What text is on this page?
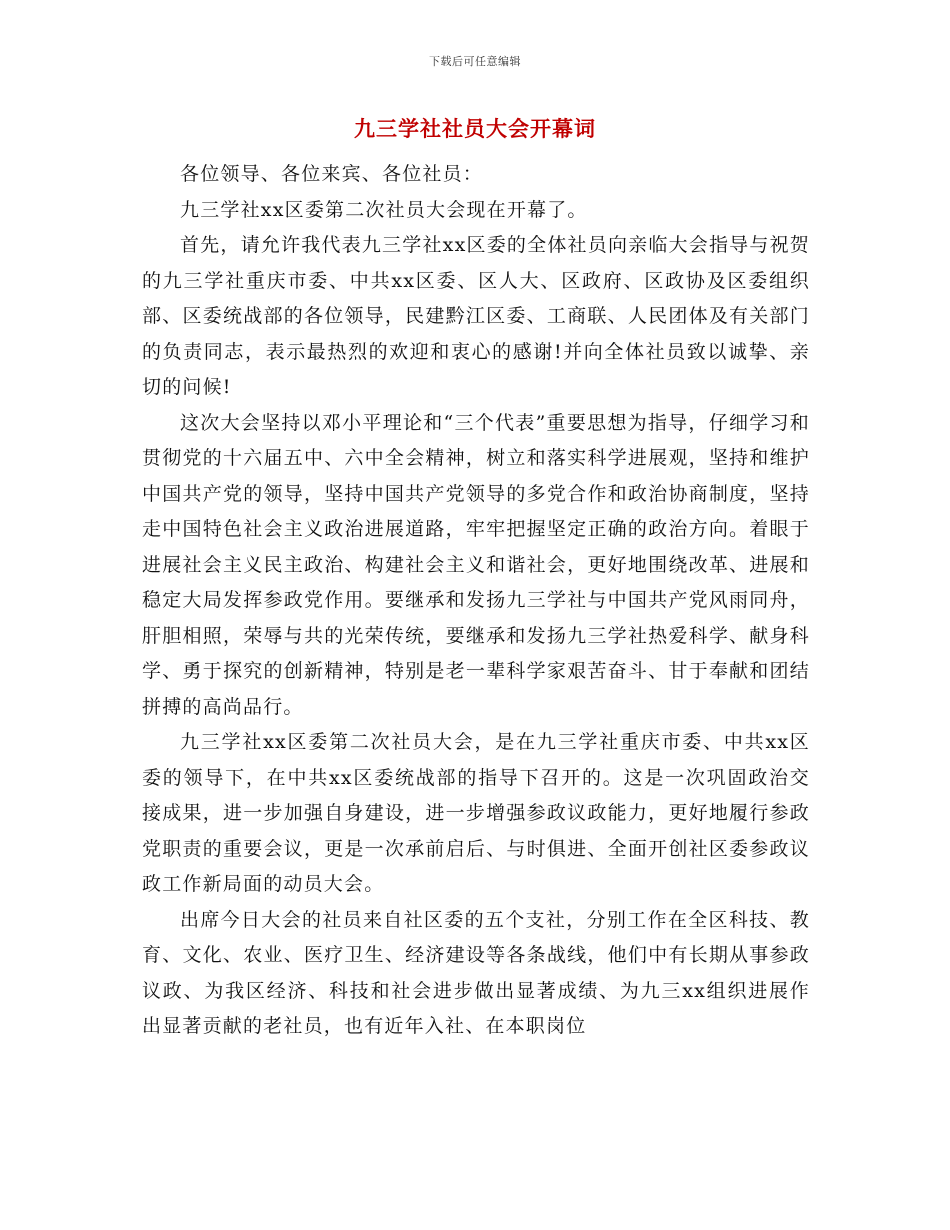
下载后可任意编辑
九三学社社员大会开幕词

各位领导、各位来宾、各位社员：

九三学社xx区委第二次社员大会现在开幕了。

首先，请允许我代表九三学社xx区委的全体社员向亲临大会指导与祝贺的九三学社重庆市委、中共xx区委、区人大、区政府、区政协及区委组织部、区委统战部的各位领导，民建黔江区委、工商联、人民团体及有关部门的负责同志，表示最热烈的欢迎和衷心的感谢!并向全体社员致以诚挚、亲切的问候!

这次大会坚持以邓小平理论和“三个代表”重要思想为指导，仔细学习和贯彻党的十六届五中、六中全会精神，树立和落实科学进展观，坚持和维护中国共产党的领导，坚持中国共产党领导的多党合作和政治协商制度，坚持走中国特色社会主义政治进展道路，牢牢把握坚定正确的政治方向。着眼于进展社会主义民主政治、构建社会主义和谐社会，更好地围绕改革、进展和稳定大局发挥参政党作用。要继承和发扬九三学社与中国共产党风雨同舟，肝胆相照，荣辱与共的光荣传统，要继承和发扬九三学社热爱科学、献身科学、勇于探究的创新精神，特别是老一辈科学家艰苦奋斗、甘于奉献和团结拼搏的高尚品行。

九三学社xx区委第二次社员大会，是在九三学社重庆市委、中共xx区委的领导下，在中共xx区委统战部的指导下召开的。这是一次巩固政治交接成果，进一步加强自身建设，进一步增强参政议政能力，更好地履行参政党职责的重要会议，更是一次承前启后、与时俱进、全面开创社区委参政议政工作新局面的动员大会。

出席今日大会的社员来自社区委的五个支社，分别工作在全区科技、教育、文化、农业、医疗卫生、经济建设等各条战线，他们中有长期从事参政议政、为我区经济、科技和社会进步做出显著成绩、为九三xx组织进展作出显著贡献的老社员，也有近年入社、在本职岗位
